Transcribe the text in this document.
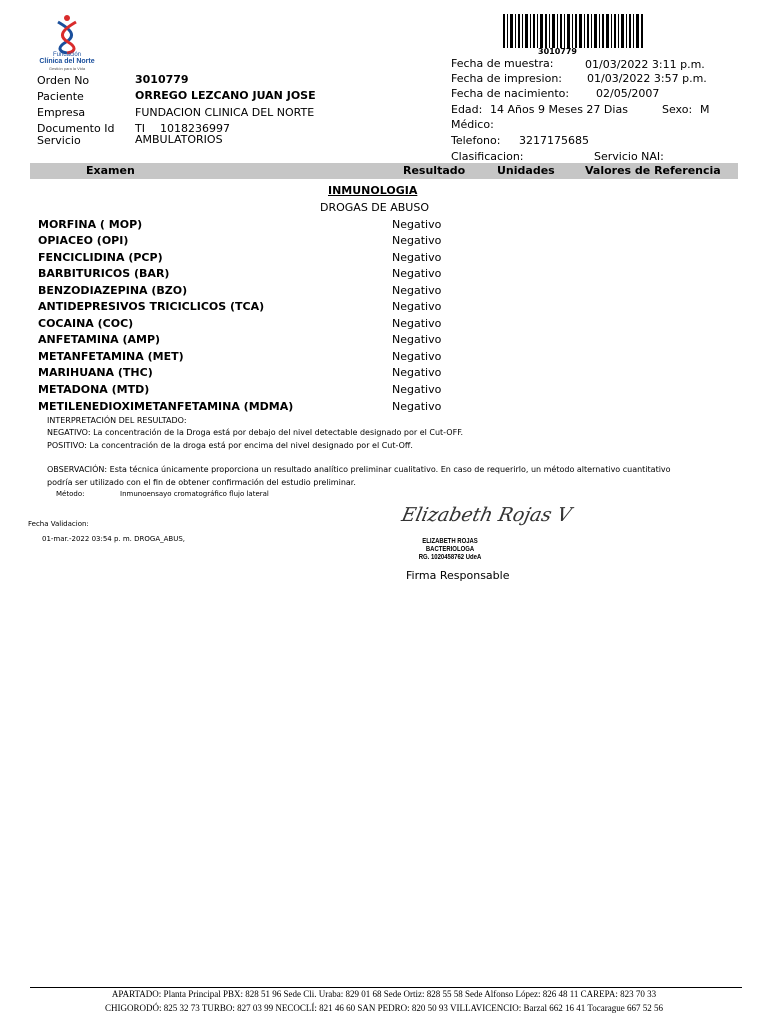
Fundación
Clínica del Norte
Gestión para la Vida
3010779
Orden No	3010779
Paciente	ORREGO LEZCANO JUAN JOSE
Empresa	FUNDACION CLINICA DEL NORTE
Documento Id TI 1018236997
Servicio	AMBULATORIOS
Fecha de muestra:	01/03/2022 3:11 p.m.
Fecha de impresion: 01/03/2022 3:57 p.m.
Fecha de nacimiento: 02/05/2007
Edad: 14 Años 9 Meses 27 Dias	Sexo: M
Médico:
Telefono: 3217175685
Clasificacion:	Servicio NAI:
Examen	Resultado	Unidades	Valores de Referencia
INMUNOLOGIA
DROGAS DE ABUSO
MORFINA ( MOP)	Negativo
OPIACEO (OPI)	Negativo
FENCICLIDINA (PCP)	Negativo
BARBITURICOS (BAR)	Negativo
BENZODIAZEPINA (BZO)	Negativo
ANTIDEPRESIVOS TRICICLICOS (TCA)	Negativo
COCAINA (COC)	Negativo
ANFETAMINA (AMP)	Negativo
METANFETAMINA (MET)	Negativo
MARIHUANA (THC)	Negativo
METADONA (MTD)	Negativo
METILENEDIOXIMETANFETAMINA (MDMA)	Negativo
INTERPRETACIÓN DEL RESULTADO:
NEGATIVO: La concentración de la Droga está por debajo del nivel detectable designado por el Cut-OFF.
POSITIVO: La concentración de la droga está por encima del nivel designado por el Cut-Off.
OBSERVACIÓN: Esta técnica únicamente proporciona un resultado analítico preliminar cualitativo. En caso de requerirlo, un método alternativo cuantitativo
podría ser utilizado con el fin de obtener confirmación del estudio preliminar.
Método:	Inmunoensayo cromatográfico flujo lateral
Fecha Validacion:
01-mar.-2022 03:54 p. m. DROGA_ABUS,
Elizabeth Rojas V
ELIZABETH ROJAS
BACTERIOLOGA
RG. 1020458762 UdeA
Firma Responsable
APARTADO: Planta Principal PBX: 828 51 96 Sede Cli. Uraba: 829 01 68 Sede Ortiz: 828 55 58 Sede Alfonso López: 826 48 11 CAREPA: 823 70 33
CHIGORODÓ: 825 32 73 TURBO: 827 03 99 NECOCLÍ: 821 46 60 SAN PEDRO: 820 50 93 VILLAVICENCIO: Barzal 662 16 41 Tocarague 667 52 56
